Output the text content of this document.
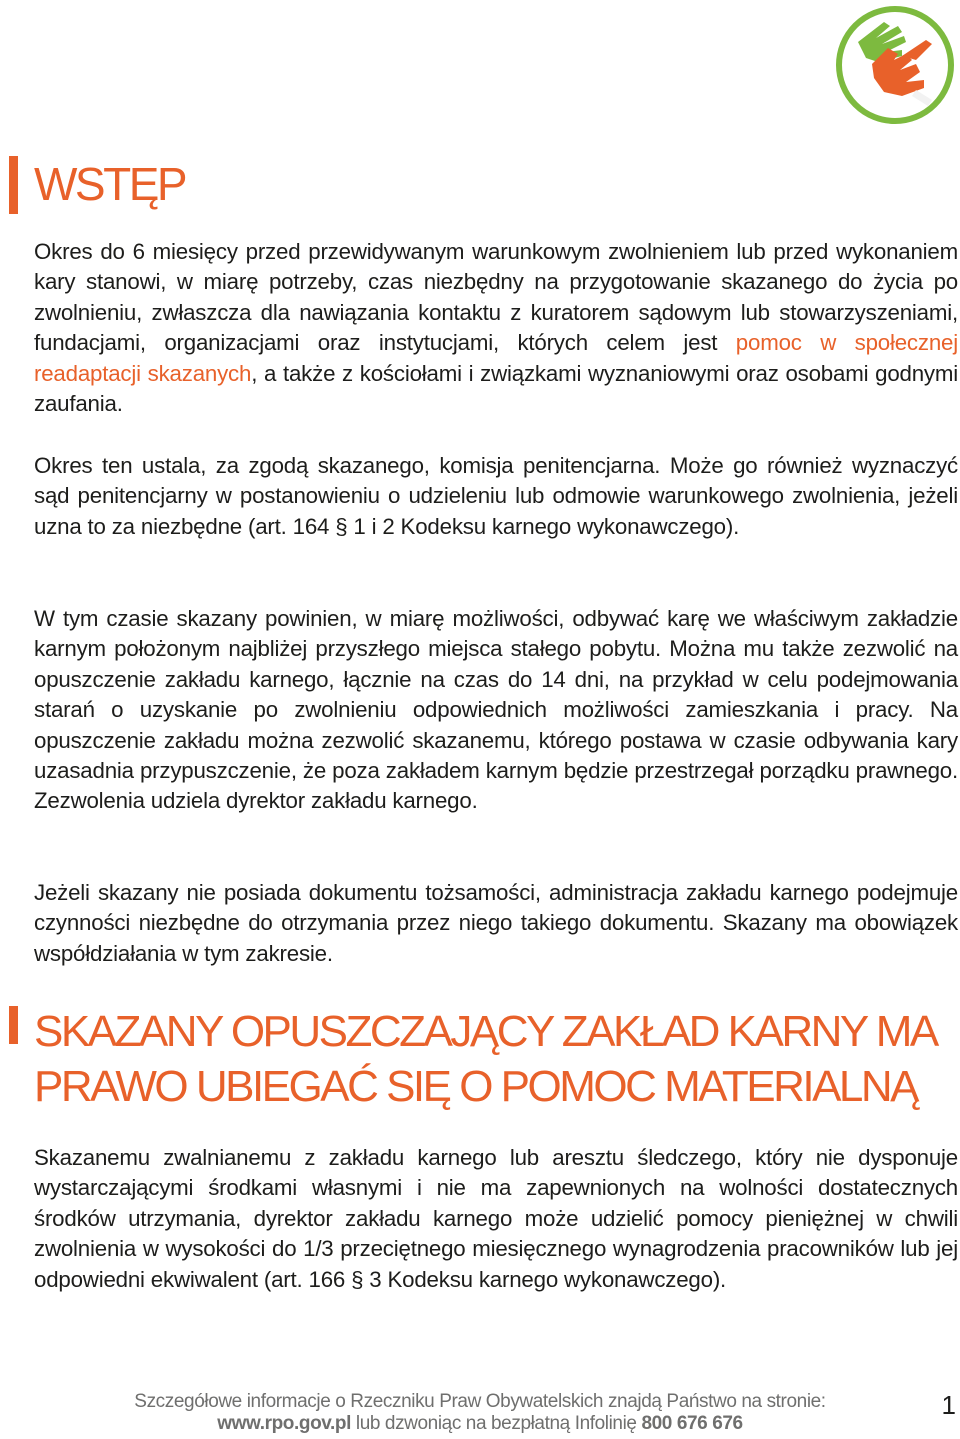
WSTĘP

Okres do 6 miesięcy przed przewidywanym warunkowym zwolnieniem lub przed wykonaniem kary stanowi, w miarę potrzeby, czas niezbędny na przygotowanie skazanego do życia po zwolnieniu, zwłaszcza dla nawiązania kontaktu z kuratorem sądowym lub stowarzyszeniami, fundacjami, organizacjami oraz instytucjami, których celem jest pomoc w społecznej readaptacji skazanych, a także z kościołami i związkami wyznaniowymi oraz osobami godnymi zaufania.

Okres ten ustala, za zgodą skazanego, komisja penitencjarna. Może go również wyznaczyć sąd penitencjarny w postanowieniu o udzieleniu lub odmowie warunkowego zwolnienia, jeżeli uzna to za niezbędne (art. 164 § 1 i 2 Kodeksu karnego wykonawczego).

W tym czasie skazany powinien, w miarę możliwości, odbywać karę we właściwym zakładzie karnym położonym najbliżej przyszłego miejsca stałego pobytu. Można mu także zezwolić na opuszczenie zakładu karnego, łącznie na czas do 14 dni, na przykład w celu podejmowania starań o uzyskanie po zwolnieniu odpowiednich możliwości zamieszkania i pracy. Na opuszczenie zakładu można zezwolić skazanemu, którego postawa w czasie odbywania kary uzasadnia przypuszczenie, że poza zakładem karnym będzie przestrzegał porządku prawnego. Zezwolenia udziela dyrektor zakładu karnego.

Jeżeli skazany nie posiada dokumentu tożsamości, administracja zakładu karnego podejmuje czynności niezbędne do otrzymania przez niego takiego dokumentu. Skazany ma obowiązek współdziałania w tym zakresie.

SKAZANY OPUSZCZAJĄCY ZAKŁAD KARNY MA
PRAWO UBIEGAĆ SIĘ O POMOC MATERIALNĄ

Skazanemu zwalnianemu z zakładu karnego lub aresztu śledczego, który nie dysponuje wystarczającymi środkami własnymi i nie ma zapewnionych na wolności dostatecznych środków utrzymania, dyrektor zakładu karnego może udzielić pomocy pieniężnej w chwili zwolnienia w wysokości do 1/3 przeciętnego miesięcznego wynagrodzenia pracowników lub jej odpowiedni ekwiwalent (art. 166 § 3 Kodeksu karnego wykonawczego).

Szczegółowe informacje o Rzeczniku Praw Obywatelskich znajdą Państwo na stronie:
www.rpo.gov.pl lub dzwoniąc na bezpłatną Infolinię 800 676 676
1
